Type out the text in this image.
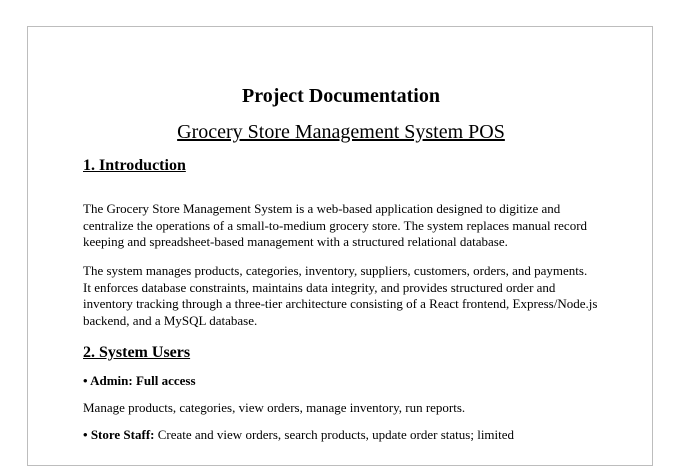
Project Documentation
Grocery Store Management System POS
1. Introduction

The Grocery Store Management System is a web-based application designed to digitize and centralize the operations of a small-to-medium grocery store. The system replaces manual record keeping and spreadsheet-based management with a structured relational database.

The system manages products, categories, inventory, suppliers, customers, orders, and payments. It enforces database constraints, maintains data integrity, and provides structured order and inventory tracking through a three-tier architecture consisting of a React frontend, Express/Node.js backend, and a MySQL database.

2. System Users

• Admin: Full access

Manage products, categories, view orders, manage inventory, run reports.

• Store Staff: Create and view orders, search products, update order status; limited
